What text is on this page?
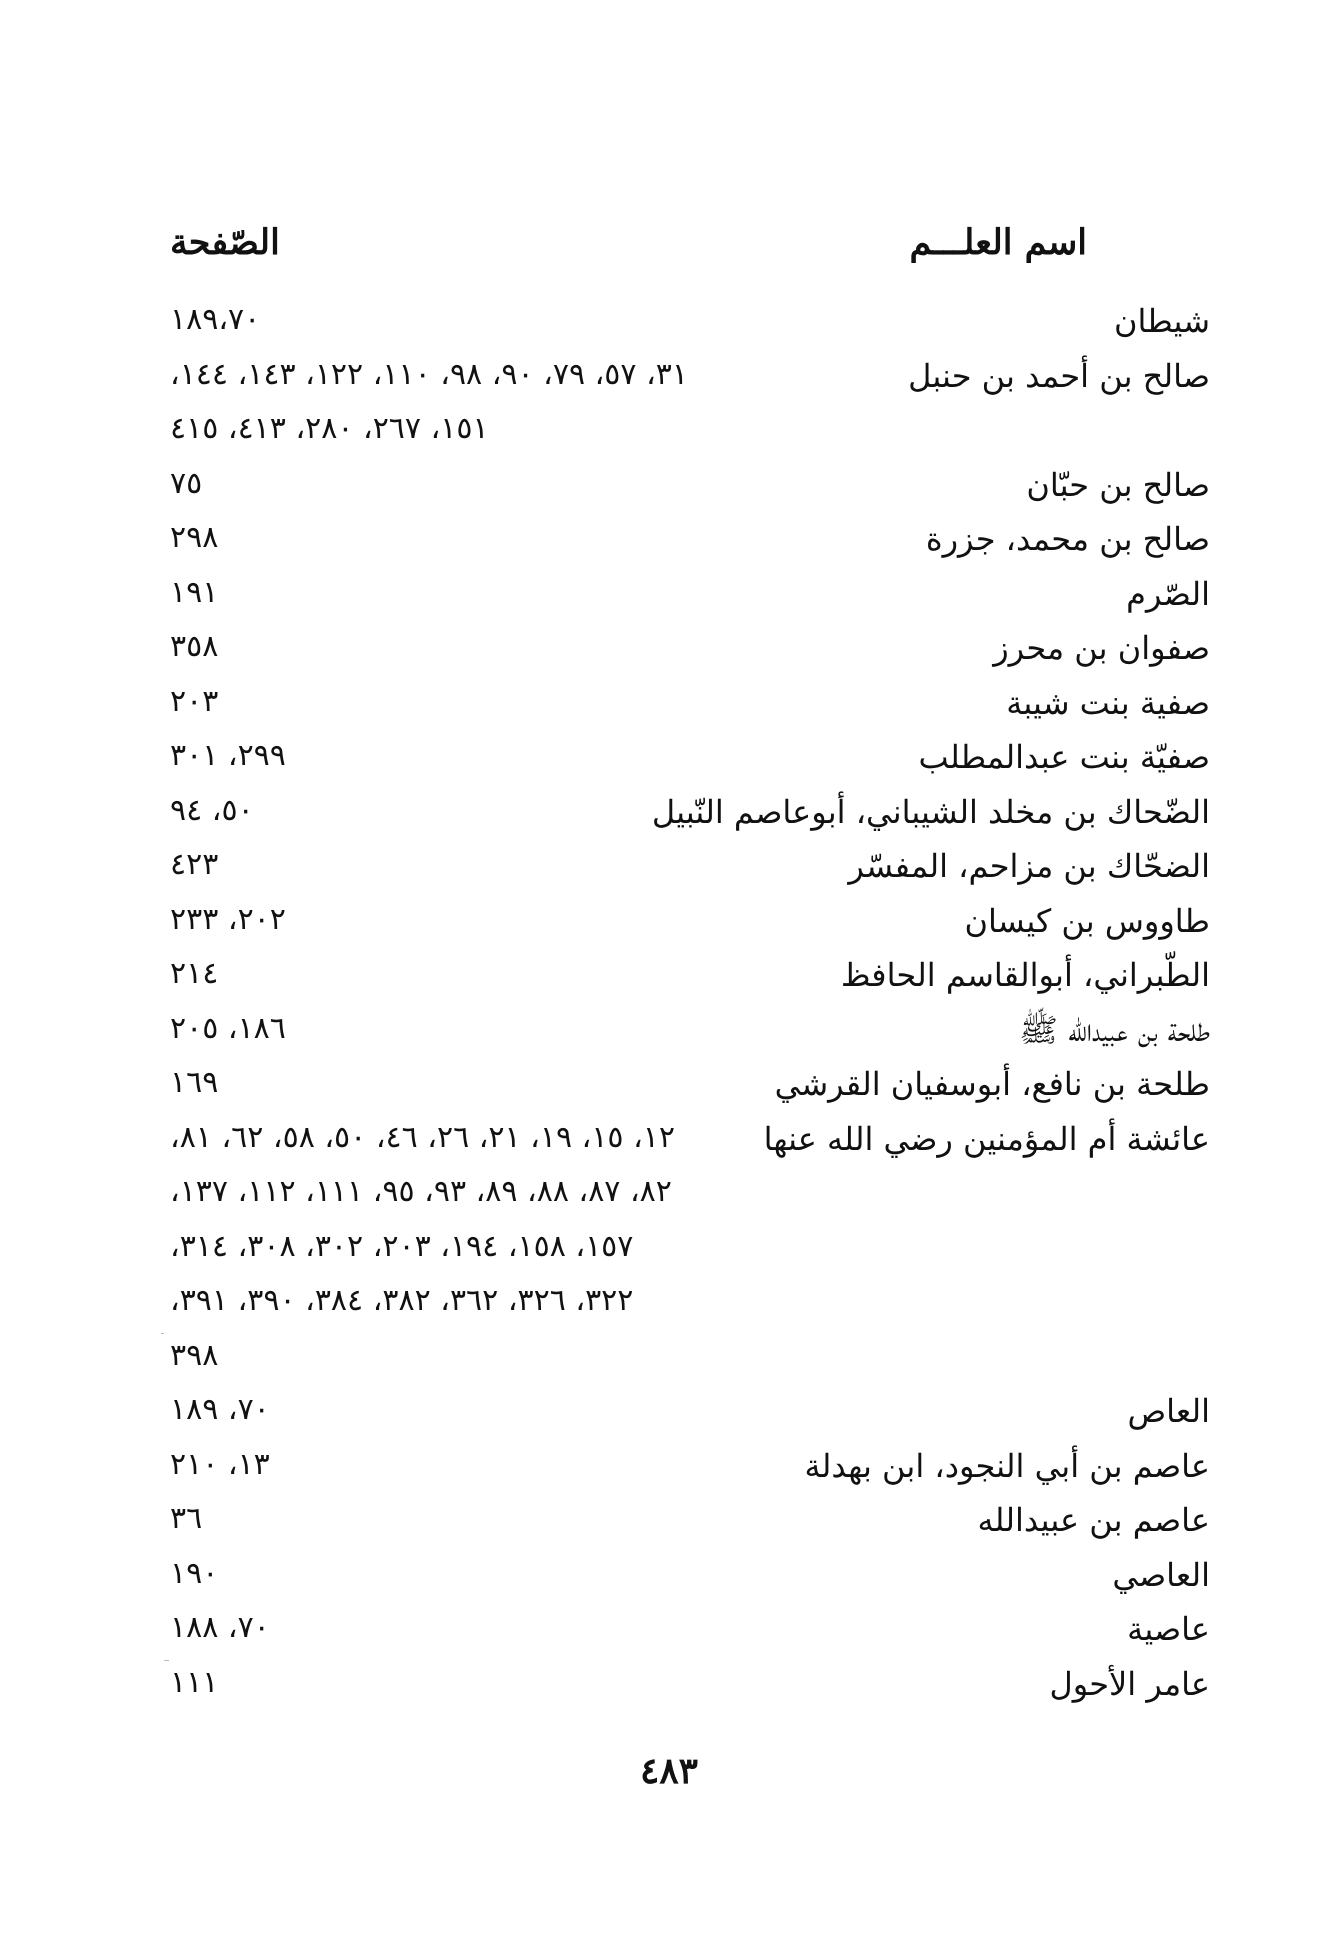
اسم العلـــم
الصّفحة
شيطان
١٨٩،٧٠
صالح بن أحمد بن حنبل
٣١، ٥٧، ٧٩، ٩٠، ٩٨، ١١٠، ١٢٢، ١٤٣، ١٤٤،
١٥١، ٢٦٧، ٢٨٠، ٤١٣، ٤١٥
صالح بن حبّان
٧٥
صالح بن محمد، جزرة
٢٩٨
الصّرم
١٩١
صفوان بن محرز
٣٥٨
صفية بنت شيبة
٢٠٣
صفيّة بنت عبدالمطلب
٢٩٩، ٣٠١
الضّحاك بن مخلد الشيباني، أبوعاصم النّبيل
٥٠، ٩٤
الضحّاك بن مزاحم، المفسّر
٤٢٣
طاووس بن كيسان
٢٠٢، ٢٣٣
الطّبراني، أبوالقاسم الحافظ
٢١٤
طلحة بن عبيدالله ﷺ
١٨٦، ٢٠٥
طلحة بن نافع، أبوسفيان القرشي
١٦٩
عائشة أم المؤمنين رضي الله عنها
١٢، ١٥، ١٩، ٢١، ٢٦، ٤٦، ٥٠، ٥٨، ٦٢، ٨١،
٨٢، ٨٧، ٨٨، ٨٩، ٩٣، ٩٥، ١١١، ١١٢، ١٣٧،
١٥٧، ١٥٨، ١٩٤، ٢٠٣، ٣٠٢، ٣٠٨، ٣١٤،
٣٢٢، ٣٢٦، ٣٦٢، ٣٨٢، ٣٨٤، ٣٩٠، ٣٩١،
٣٩٨
العاص
٧٠، ١٨٩
عاصم بن أبي النجود، ابن بهدلة
١٣، ٢١٠
عاصم بن عبيدالله
٣٦
العاصي
١٩٠
عاصية
٧٠، ١٨٨
عامر الأحول
١١١
٤٨٣
